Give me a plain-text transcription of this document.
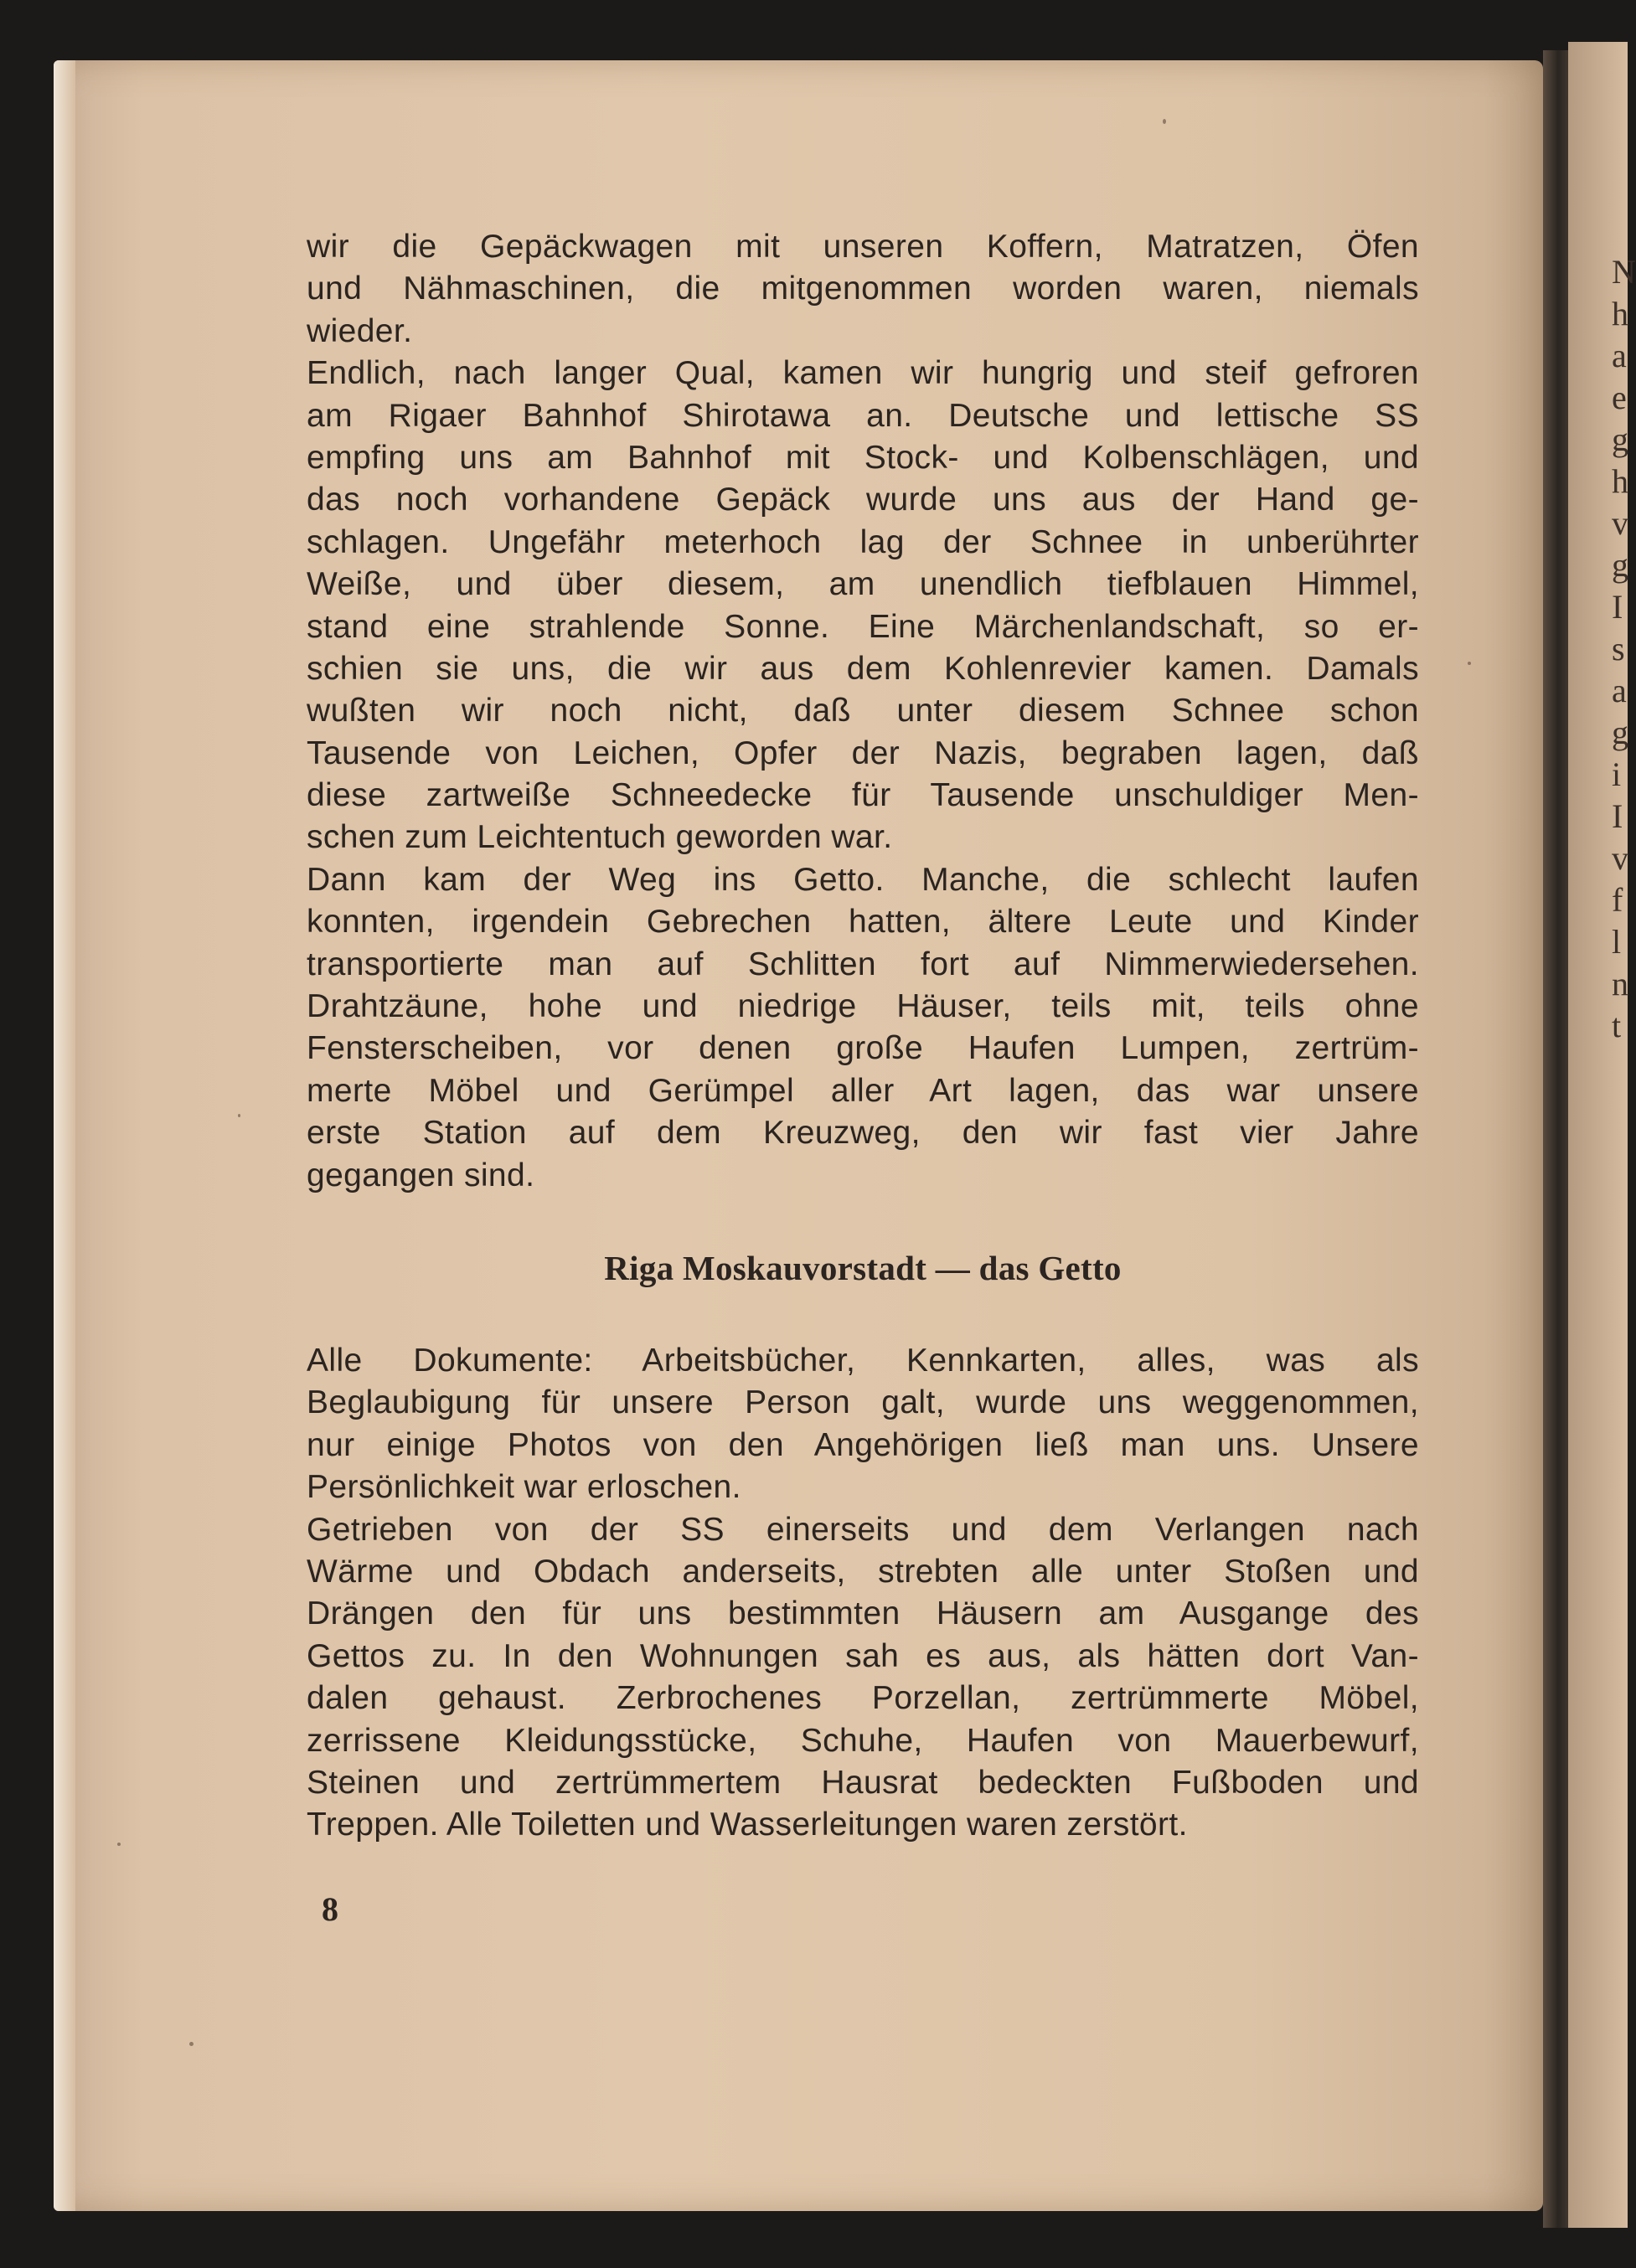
N
h
a
e
g
h
v
g
I
s
a
g
i
I
v
f
l
n
t
wir die Gepäckwagen mit unseren Koffern, Matratzen, Öfen
und Nähmaschinen, die mitgenommen worden waren, niemals
wieder.
Endlich, nach langer Qual, kamen wir hungrig und steif gefroren
am Rigaer Bahnhof Shirotawa an. Deutsche und lettische SS
empfing uns am Bahnhof mit Stock- und Kolbenschlägen, und
das noch vorhandene Gepäck wurde uns aus der Hand ge-
schlagen. Ungefähr meterhoch lag der Schnee in unberührter
Weiße, und über diesem, am unendlich tiefblauen Himmel,
stand eine strahlende Sonne. Eine Märchenlandschaft, so er-
schien sie uns, die wir aus dem Kohlenrevier kamen. Damals
wußten wir noch nicht, daß unter diesem Schnee schon
Tausende von Leichen, Opfer der Nazis, begraben lagen, daß
diese zartweiße Schneedecke für Tausende unschuldiger Men-
schen zum Leichtentuch geworden war.
Dann kam der Weg ins Getto. Manche, die schlecht laufen
konnten, irgendein Gebrechen hatten, ältere Leute und Kinder
transportierte man auf Schlitten fort auf Nimmerwiedersehen.
Drahtzäune, hohe und niedrige Häuser, teils mit, teils ohne
Fensterscheiben, vor denen große Haufen Lumpen, zertrüm-
merte Möbel und Gerümpel aller Art lagen, das war unsere
erste Station auf dem Kreuzweg, den wir fast vier Jahre
gegangen sind.
Riga Moskauvorstadt — das Getto
Alle Dokumente: Arbeitsbücher, Kennkarten, alles, was als
Beglaubigung für unsere Person galt, wurde uns weggenommen,
nur einige Photos von den Angehörigen ließ man uns. Unsere
Persönlichkeit war erloschen.
Getrieben von der SS einerseits und dem Verlangen nach
Wärme und Obdach anderseits, strebten alle unter Stoßen und
Drängen den für uns bestimmten Häusern am Ausgange des
Gettos zu. In den Wohnungen sah es aus, als hätten dort Van-
dalen gehaust. Zerbrochenes Porzellan, zertrümmerte Möbel,
zerrissene Kleidungsstücke, Schuhe, Haufen von Mauerbewurf,
Steinen und zertrümmertem Hausrat bedeckten Fußboden und
Treppen. Alle Toiletten und Wasserleitungen waren zerstört.
8
